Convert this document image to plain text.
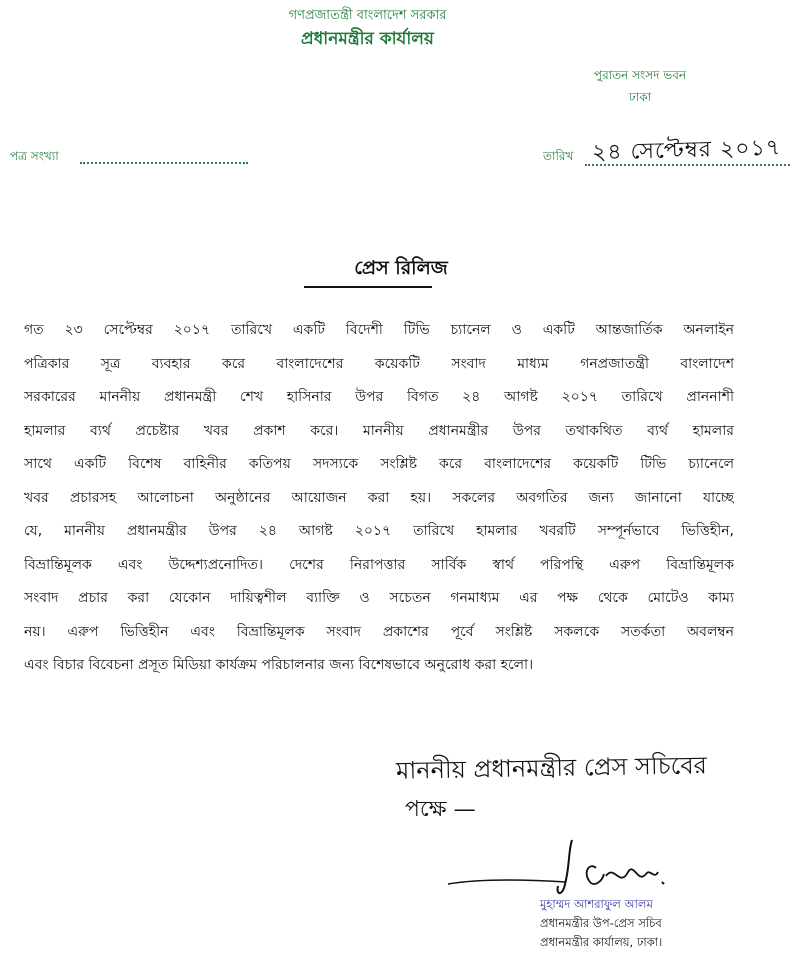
গণপ্রজাতন্ত্রী বাংলাদেশ সরকার
প্রধানমন্ত্রীর কার্যালয়
পুরাতন সংসদ ভবন
ঢাকা
পত্র সংখ্যা	তারিখ ২৪ সেপ্টেম্বর ২০১৭
প্রেস রিলিজ
গত ২৩ সেপ্টেম্বর ২০১৭ তারিখে একটি বিদেশী টিভি চ্যানেল ও একটি আন্তজার্তিক অনলাইন
পত্রিকার সূত্র ব্যবহার করে বাংলাদেশের কয়েকটি সংবাদ মাধ্যম গনপ্রজাতন্ত্রী বাংলাদেশ
সরকারের মাননীয় প্রধানমন্ত্রী শেখ হাসিনার উপর বিগত ২৪ আগষ্ট ২০১৭ তারিখে প্রাননাশী
হামলার ব্যর্থ প্রচেষ্টার খবর প্রকাশ করে। মাননীয় প্রধানমন্ত্রীর উপর তথাকথিত ব্যর্থ হামলার
সাথে একটি বিশেষ বাহিনীর কতিপয় সদস্যকে সংশ্লিষ্ট করে বাংলাদেশের কয়েকটি টিভি চ্যানেলে
খবর প্রচারসহ আলোচনা অনুষ্ঠানের আয়োজন করা হয়। সকলের অবগতির জন্য জানানো যাচ্ছে
যে, মাননীয় প্রধানমন্ত্রীর উপর ২৪ আগষ্ট ২০১৭ তারিখে হামলার খবরটি সম্পূর্নভাবে ভিত্তিহীন,
বিভ্রান্তিমূলক এবং উদ্দেশ্যপ্রনোদিত। দেশের নিরাপত্তার সার্বিক স্বার্থ পরিপন্থি এরুপ বিভ্রান্তিমূলক
সংবাদ প্রচার করা যেকোন দায়িত্বশীল ব্যাক্তি ও সচেতন গনমাধ্যম এর পক্ষ থেকে মোটেও কাম্য
নয়। এরুপ ভিত্তিহীন এবং বিভ্রান্তিমূলক সংবাদ প্রকাশের পূর্বে সংশ্লিষ্ট সকলকে সতর্কতা অবলম্বন
এবং বিচার বিবেচনা প্রসূত মিডিয়া কার্যক্রম পরিচালনার জন্য বিশেষভাবে অনুরোধ করা হলো।
মাননীয় প্রধানমন্ত্রীর প্রেস সচিবের
পক্ষে —
মুহাম্মদ আশরাফুল আলম
প্রধানমন্ত্রীর উপ-প্রেস সচিব
প্রধানমন্ত্রীর কার্যালয়, ঢাকা।
